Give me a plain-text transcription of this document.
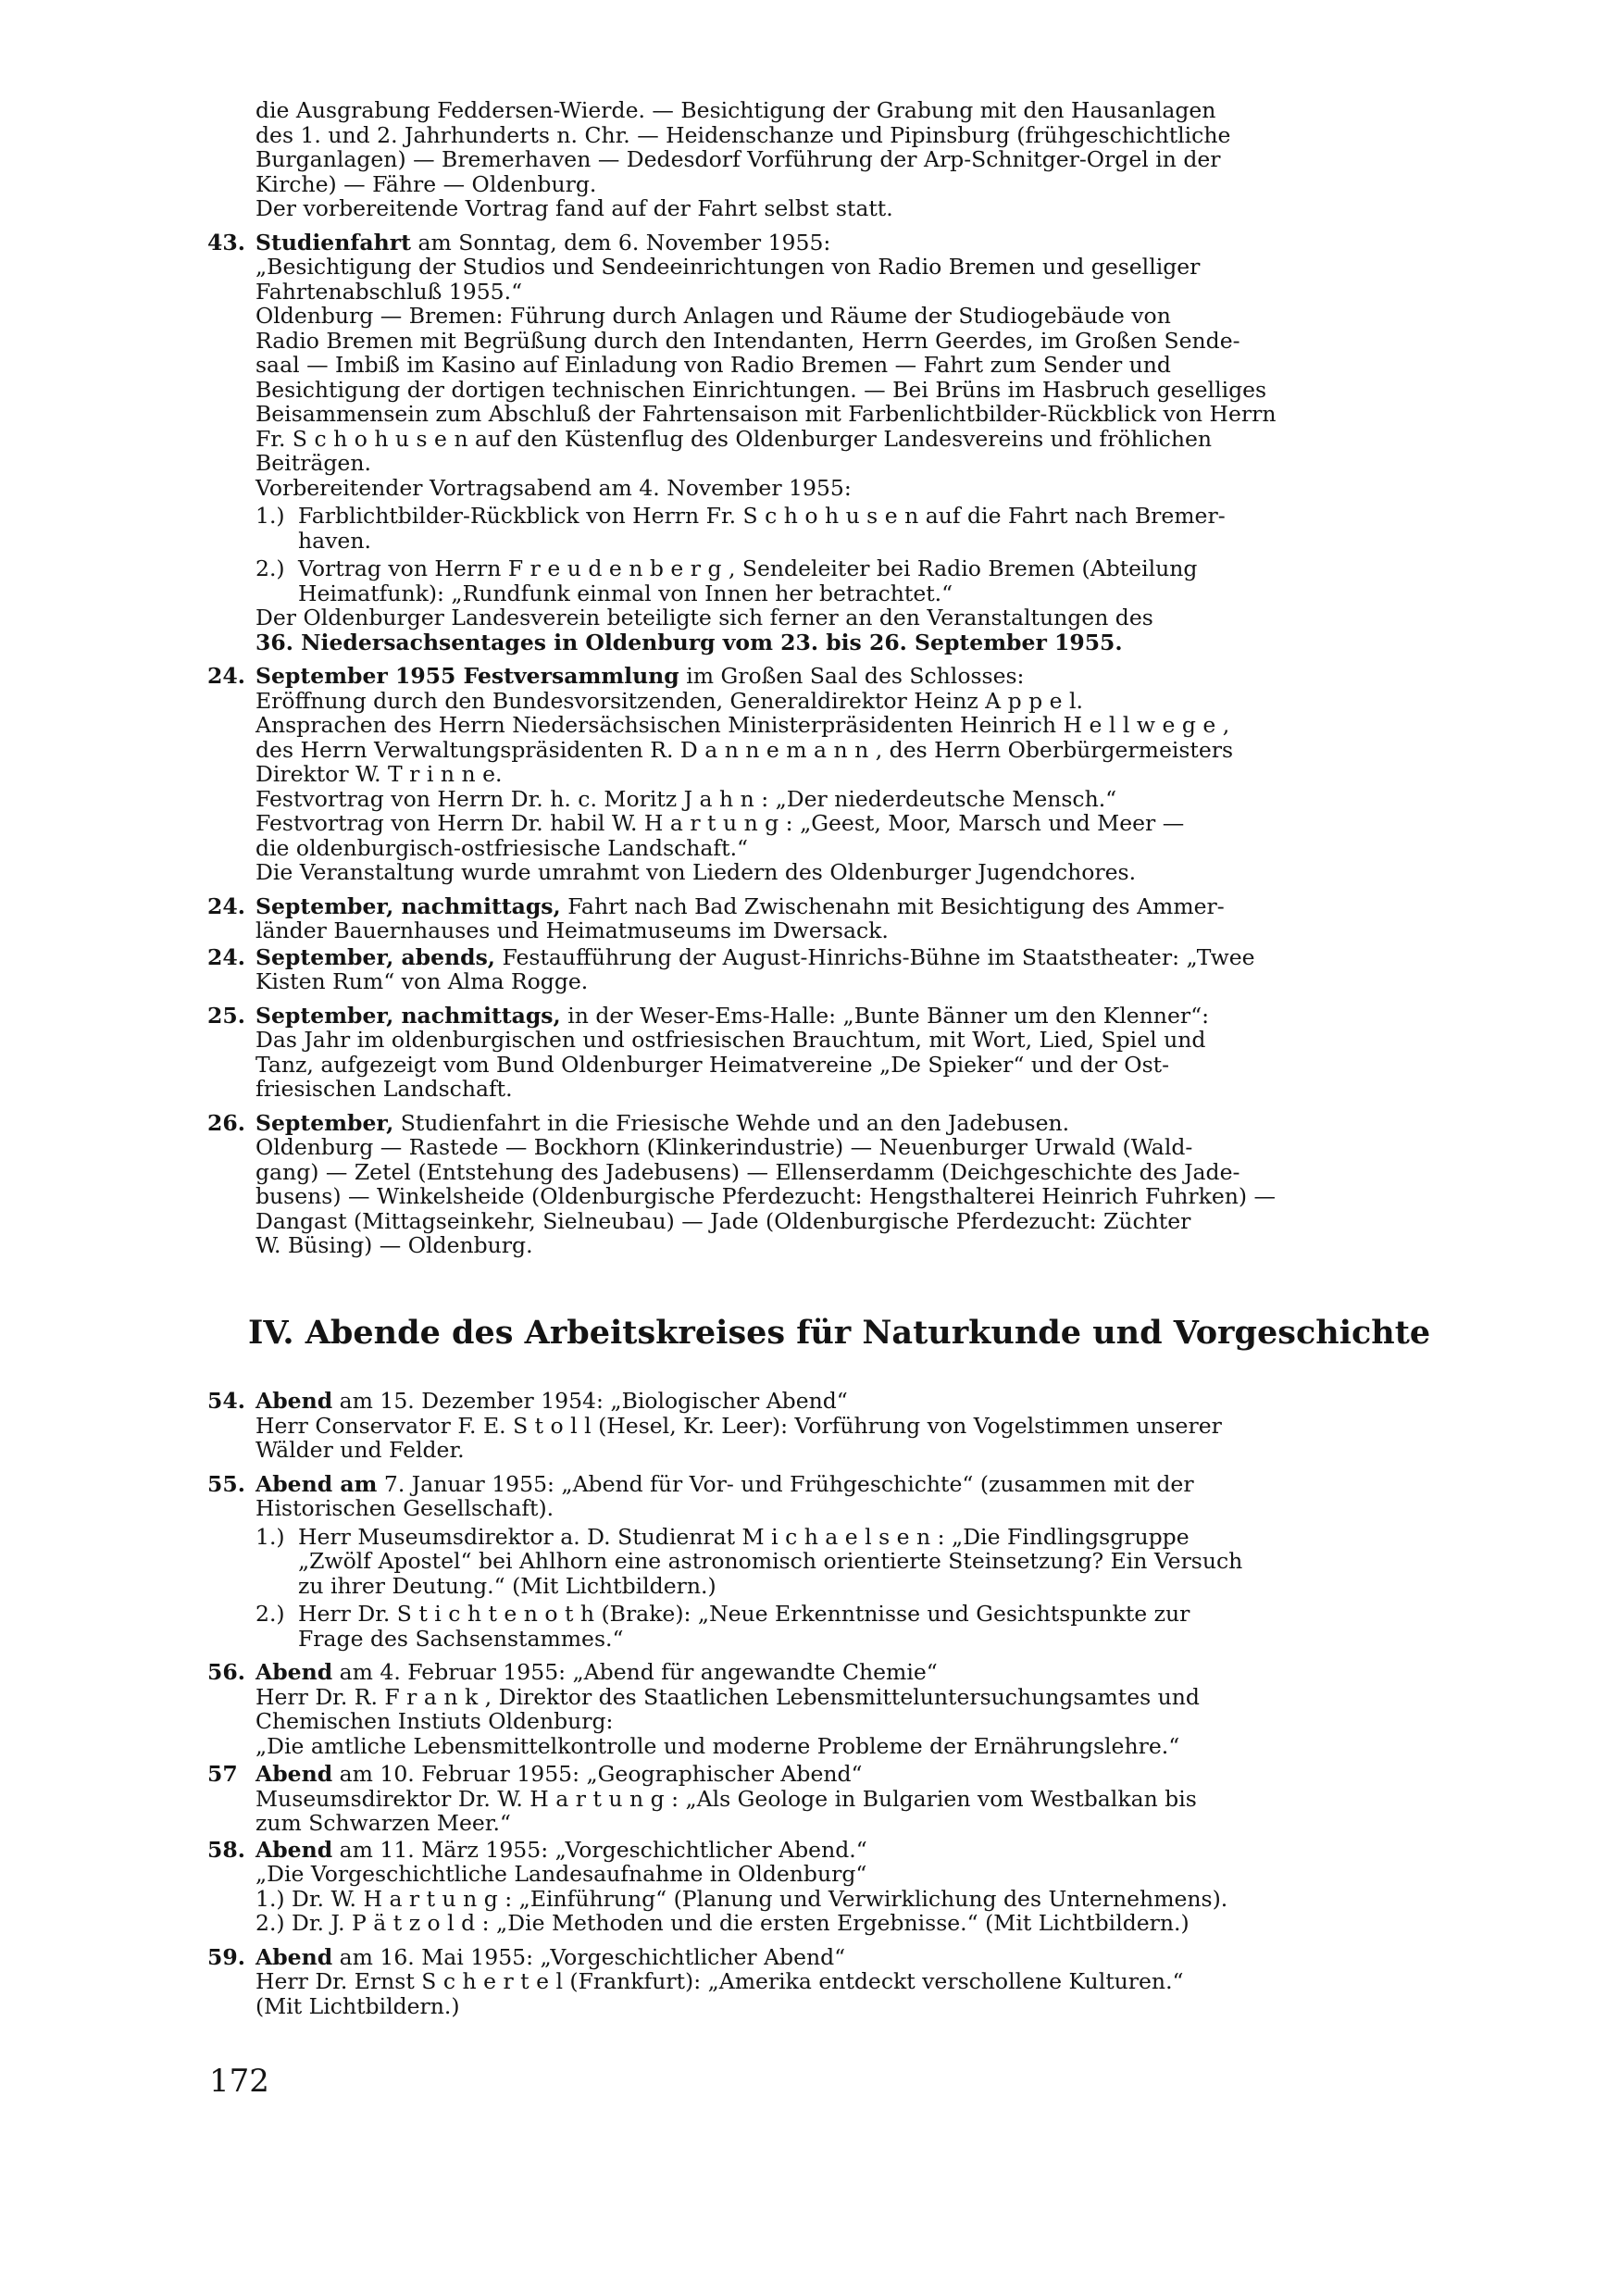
die Ausgrabung Feddersen-Wierde. — Besichtigung der Grabung mit den Hausanlagen

des 1. und 2. Jahrhunderts n. Chr. — Heidenschanze und Pipinsburg (frühgeschichtliche

Burganlagen) — Bremerhaven — Dedesdorf Vorführung der Arp-Schnitger-Orgel in der

Kirche) — Fähre — Oldenburg.

Der vorbereitende Vortrag fand auf der Fahrt selbst statt.

43. Studienfahrt am Sonntag, dem 6. November 1955:
„Besichtigung der Studios und Sendeeinrichtungen von Radio Bremen und geselliger
Fahrtenabschluß 1955.“
Oldenburg — Bremen: Führung durch Anlagen und Räume der Studiogebäude von
Radio Bremen mit Begrüßung durch den Intendanten, Herrn Geerdes, im Großen Sende-
saal — Imbiß im Kasino auf Einladung von Radio Bremen — Fahrt zum Sender und
Besichtigung der dortigen technischen Einrichtungen. — Bei Brüns im Hasbruch geselliges
Beisammensein zum Abschluß der Fahrtensaison mit Farbenlichtbilder-Rückblick von Herrn
Fr. S c h o h u s e n auf den Küstenflug des Oldenburger Landesvereins und fröhlichen
Beiträgen.
Vorbereitender Vortragsabend am 4. November 1955:
1.) Farblichtbilder-Rückblick von Herrn Fr. S c h o h u s e n auf die Fahrt nach Bremer-
haven.
2.) Vortrag von Herrn F r e u d e n b e r g , Sendeleiter bei Radio Bremen (Abteilung
Heimatfunk): „Rundfunk einmal von Innen her betrachtet.“

Der Oldenburger Landesverein beteiligte sich ferner an den Veranstaltungen des

36. Niedersachsentages in Oldenburg vom 23. bis 26. September 1955.

24. September 1955 Festversammlung im Großen Saal des Schlosses:
Eröffnung durch den Bundesvorsitzenden, Generaldirektor Heinz A p p e l.
Ansprachen des Herrn Niedersächsischen Ministerpräsidenten Heinrich H e l l w e g e ,
des Herrn Verwaltungspräsidenten R. D a n n e m a n n , des Herrn Oberbürgermeisters
Direktor W. T r i n n e.
Festvortrag von Herrn Dr. h. c. Moritz J a h n : „Der niederdeutsche Mensch.“
Festvortrag von Herrn Dr. habil W. H a r t u n g : „Geest, Moor, Marsch und Meer —
die oldenburgisch-ostfriesische Landschaft.“
Die Veranstaltung wurde umrahmt von Liedern des Oldenburger Jugendchores.
24. September, nachmittags, Fahrt nach Bad Zwischenahn mit Besichtigung des Ammer-
länder Bauernhauses und Heimatmuseums im Dwersack.
24. September, abends, Festaufführung der August-Hinrichs-Bühne im Staatstheater: „Twee
Kisten Rum“ von Alma Rogge.
25. September, nachmittags, in der Weser-Ems-Halle: „Bunte Bänner um den Klenner“:
Das Jahr im oldenburgischen und ostfriesischen Brauchtum, mit Wort, Lied, Spiel und
Tanz, aufgezeigt vom Bund Oldenburger Heimatvereine „De Spieker“ und der Ost-
friesischen Landschaft.
26. September, Studienfahrt in die Friesische Wehde und an den Jadebusen.
Oldenburg — Rastede — Bockhorn (Klinkerindustrie) — Neuenburger Urwald (Wald-
gang) — Zetel (Entstehung des Jadebusens) — Ellenserdamm (Deichgeschichte des Jade-
busens) — Winkelsheide (Oldenburgische Pferdezucht: Hengsthalterei Heinrich Fuhrken) —
Dangast (Mittagseinkehr, Sielneubau) — Jade (Oldenburgische Pferdezucht: Züchter
W. Büsing) — Oldenburg.
IV. Abende des Arbeitskreises für Naturkunde und Vorgeschichte
54. Abend am 15. Dezember 1954: „Biologischer Abend“
Herr Conservator F. E. S t o l l (Hesel, Kr. Leer): Vorführung von Vogelstimmen unserer
Wälder und Felder.
55. Abend am 7. Januar 1955: „Abend für Vor- und Frühgeschichte“ (zusammen mit der
Historischen Gesellschaft).
1.) Herr Museumsdirektor a. D. Studienrat M i c h a e l s e n : „Die Findlingsgruppe
„Zwölf Apostel“ bei Ahlhorn eine astronomisch orientierte Steinsetzung? Ein Versuch
zu ihrer Deutung.“ (Mit Lichtbildern.)
2.) Herr Dr. S t i c h t e n o t h (Brake): „Neue Erkenntnisse und Gesichtspunkte zur
Frage des Sachsenstammes.“
56. Abend am 4. Februar 1955: „Abend für angewandte Chemie“
Herr Dr. R. F r a n k , Direktor des Staatlichen Lebensmitteluntersuchungsamtes und
Chemischen Instiuts Oldenburg:
„Die amtliche Lebensmittelkontrolle und moderne Probleme der Ernährungslehre.“
57 Abend am 10. Februar 1955: „Geographischer Abend“
Museumsdirektor Dr. W. H a r t u n g : „Als Geologe in Bulgarien vom Westbalkan bis
zum Schwarzen Meer.“
58. Abend am 11. März 1955: „Vorgeschichtlicher Abend.“
„Die Vorgeschichtliche Landesaufnahme in Oldenburg“
1.) Dr. W. H a r t u n g : „Einführung“ (Planung und Verwirklichung des Unternehmens).
2.) Dr. J. P ä t z o l d : „Die Methoden und die ersten Ergebnisse.“ (Mit Lichtbildern.)
59. Abend am 16. Mai 1955: „Vorgeschichtlicher Abend“
Herr Dr. Ernst S c h e r t e l (Frankfurt): „Amerika entdeckt verschollene Kulturen.“
(Mit Lichtbildern.)
172
